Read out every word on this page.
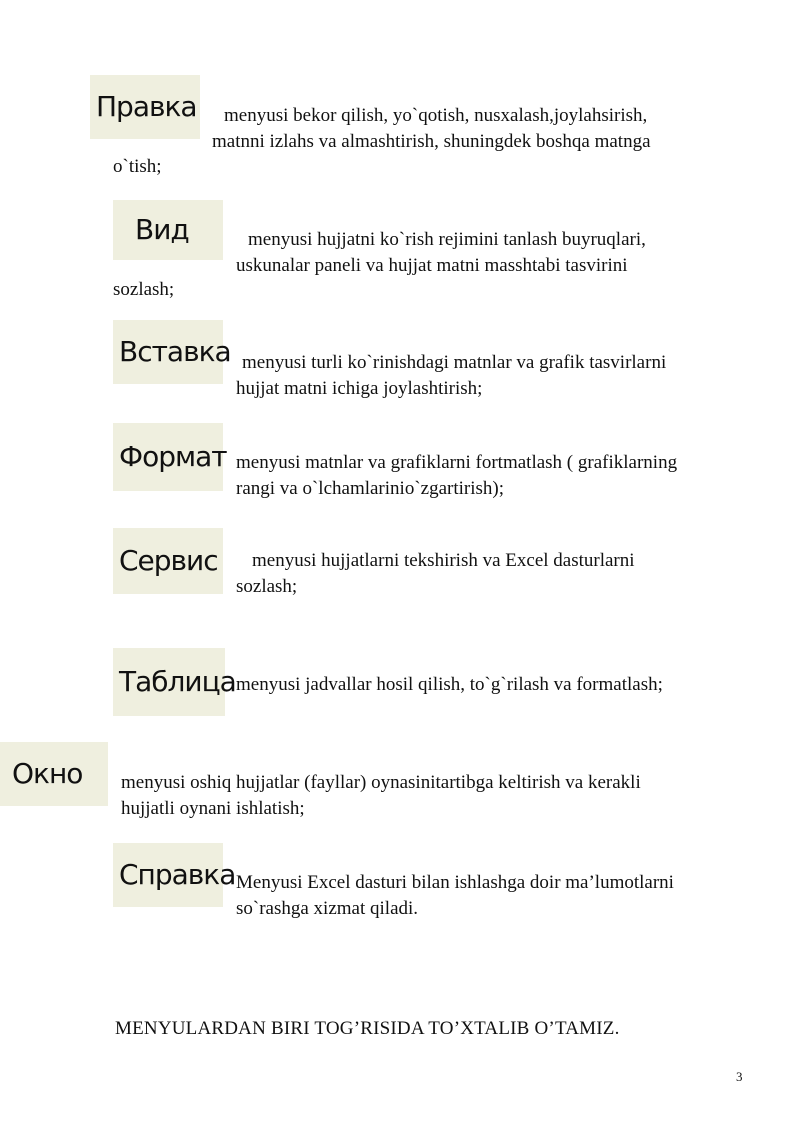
Правка	menyusi bekor qilish, yo`qotish, nusxalash,joylahsirish,
matnni izlahs va almashtirish, shuningdek boshqa matnga
o`tish;
Вид	menyusi hujjatni ko`rish rejimini tanlash buyruqlari,
uskunalar paneli va hujjat matni masshtabi tasvirini
sozlash;
Вставка menyusi turli ko`rinishdagi matnlar va grafik tasvirlarni
hujjat matni ichiga joylashtirish;
Формат menyusi matnlar va grafiklarni fortmatlash ( grafiklarning
rangi va o`lchamlarinio`zgartirish);
Сервис	menyusi hujjatlarni tekshirish va Excel dasturlarni
sozlash;
Таблица menyusi jadvallar hosil qilish, to`g`rilash va formatlash;
Окно menyusi oshiq hujjatlar (fayllar) oynasinitartibga keltirish va kerakli
hujjatli oynani ishlatish;
Справка Menyusi Excel dasturi bilan ishlashga doir ma’lumotlarni
so`rashga xizmat qiladi.
MENYULARDAN BIRI TOG’RISIDA TO’XTALIB O’TAMIZ.
3
